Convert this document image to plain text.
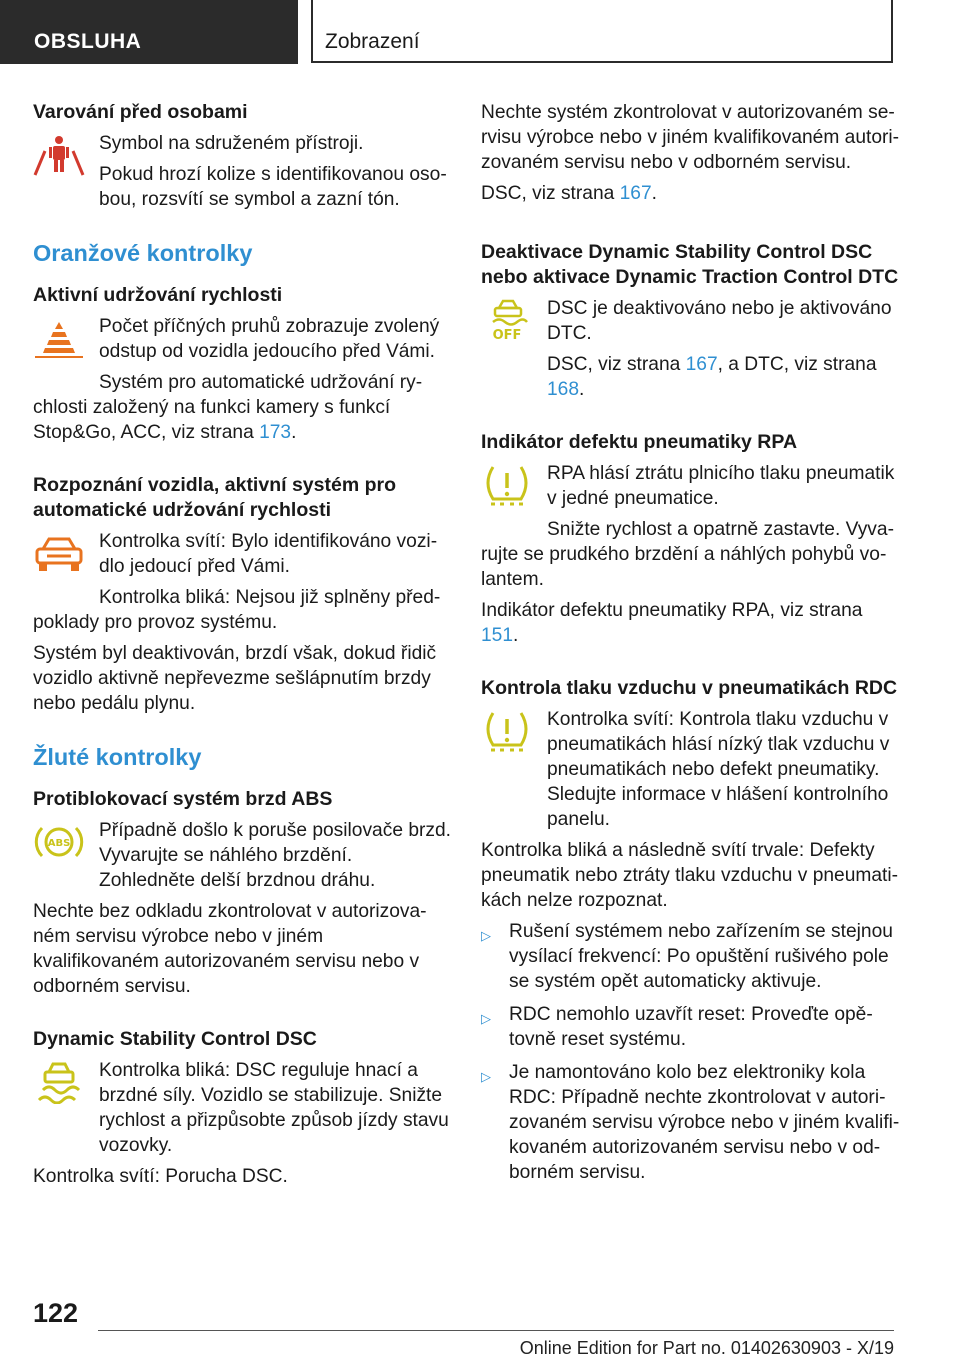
OBSLUHA	Zobrazení
Varování před osobami

Symbol na sdruženém přístroji.

Pokud hrozí kolize s identifikovanou osobou, rozsvítí se symbol a zazní tón.

Oranžové kontrolky
Aktivní udržování rychlosti

Počet příčných pruhů zobrazuje zvolený odstup od vozidla jedoucího před Vámi.

Systém pro automatické udržování rychlosti založený na funkci kamery s funkcí Stop&Go, ACC, viz strana 173.

Rozpoznání vozidla, aktivní systém pro automatické udržování rychlosti

Kontrolka svítí: Bylo identifikováno vozidlo jedoucí před Vámi.

Kontrolka bliká: Nejsou již splněny předpoklady pro provoz systému.

Systém byl deaktivován, brzdí však, dokud řidič vozidlo aktivně nepřevezme sešlápnutím brzdy nebo pedálu plynu.

Žluté kontrolky
Protiblokovací systém brzd ABS
ABS

Případně došlo k poruše posilovače brzd. Vyvarujte se náhlého brzdění. Zohledněte delší brzdnou dráhu.

Nechte bez odkladu zkontrolovat v autorizovaném servisu výrobce nebo v jiném kvalifikovaném autorizovaném servisu nebo v odborném servisu.

Dynamic Stability Control DSC

Kontrolka bliká: DSC reguluje hnací a brzdné síly. Vozidlo se stabilizuje. Snižte rychlost a přizpůsobte způsob jízdy stavu vozovky.

Kontrolka svítí: Porucha DSC.

Nechte systém zkontrolovat v autorizovaném servisu výrobce nebo v jiném kvalifikovaném autorizovaném servisu nebo v odborném servisu.

DSC, viz strana 167.

Deaktivace Dynamic Stability Control DSC nebo aktivace Dynamic Traction Control DTC
OFF

DSC je deaktivováno nebo je aktivováno DTC.

DSC, viz strana 167, a DTC, viz strana 168.

Indikátor defektu pneumatiky RPA

RPA hlásí ztrátu plnicího tlaku pneumatik v jedné pneumatice.

Snižte rychlost a opatrně zastavte. Vyvarujte se prudkého brzdění a náhlých pohybů volantem.

Indikátor defektu pneumatiky RPA, viz strana 151.

Kontrola tlaku vzduchu v pneumatikách RDC

Kontrolka svítí: Kontrola tlaku vzduchu v pneumatikách hlásí nízký tlak vzduchu v pneumatikách nebo defekt pneumatiky. Sledujte informace v hlášení kontrolního panelu.

Kontrolka bliká a následně svítí trvale: Defekty pneumatik nebo ztráty tlaku vzduchu v pneumatikách nelze rozpoznat.

▷ Rušení systémem nebo zařízením se stejnou vysílací frekvencí: Po opuštění rušivého pole se systém opět automaticky aktivuje.
▷ RDC nemohlo uzavřít reset: Proveďte opětovně reset systému.
▷ Je namontováno kolo bez elektroniky kola RDC: Případně nechte zkontrolovat v autorizovaném servisu výrobce nebo v jiném kvalifikovaném autorizovaném servisu nebo v odborném servisu.
122
Online Edition for Part no. 01402630903 - X/19
